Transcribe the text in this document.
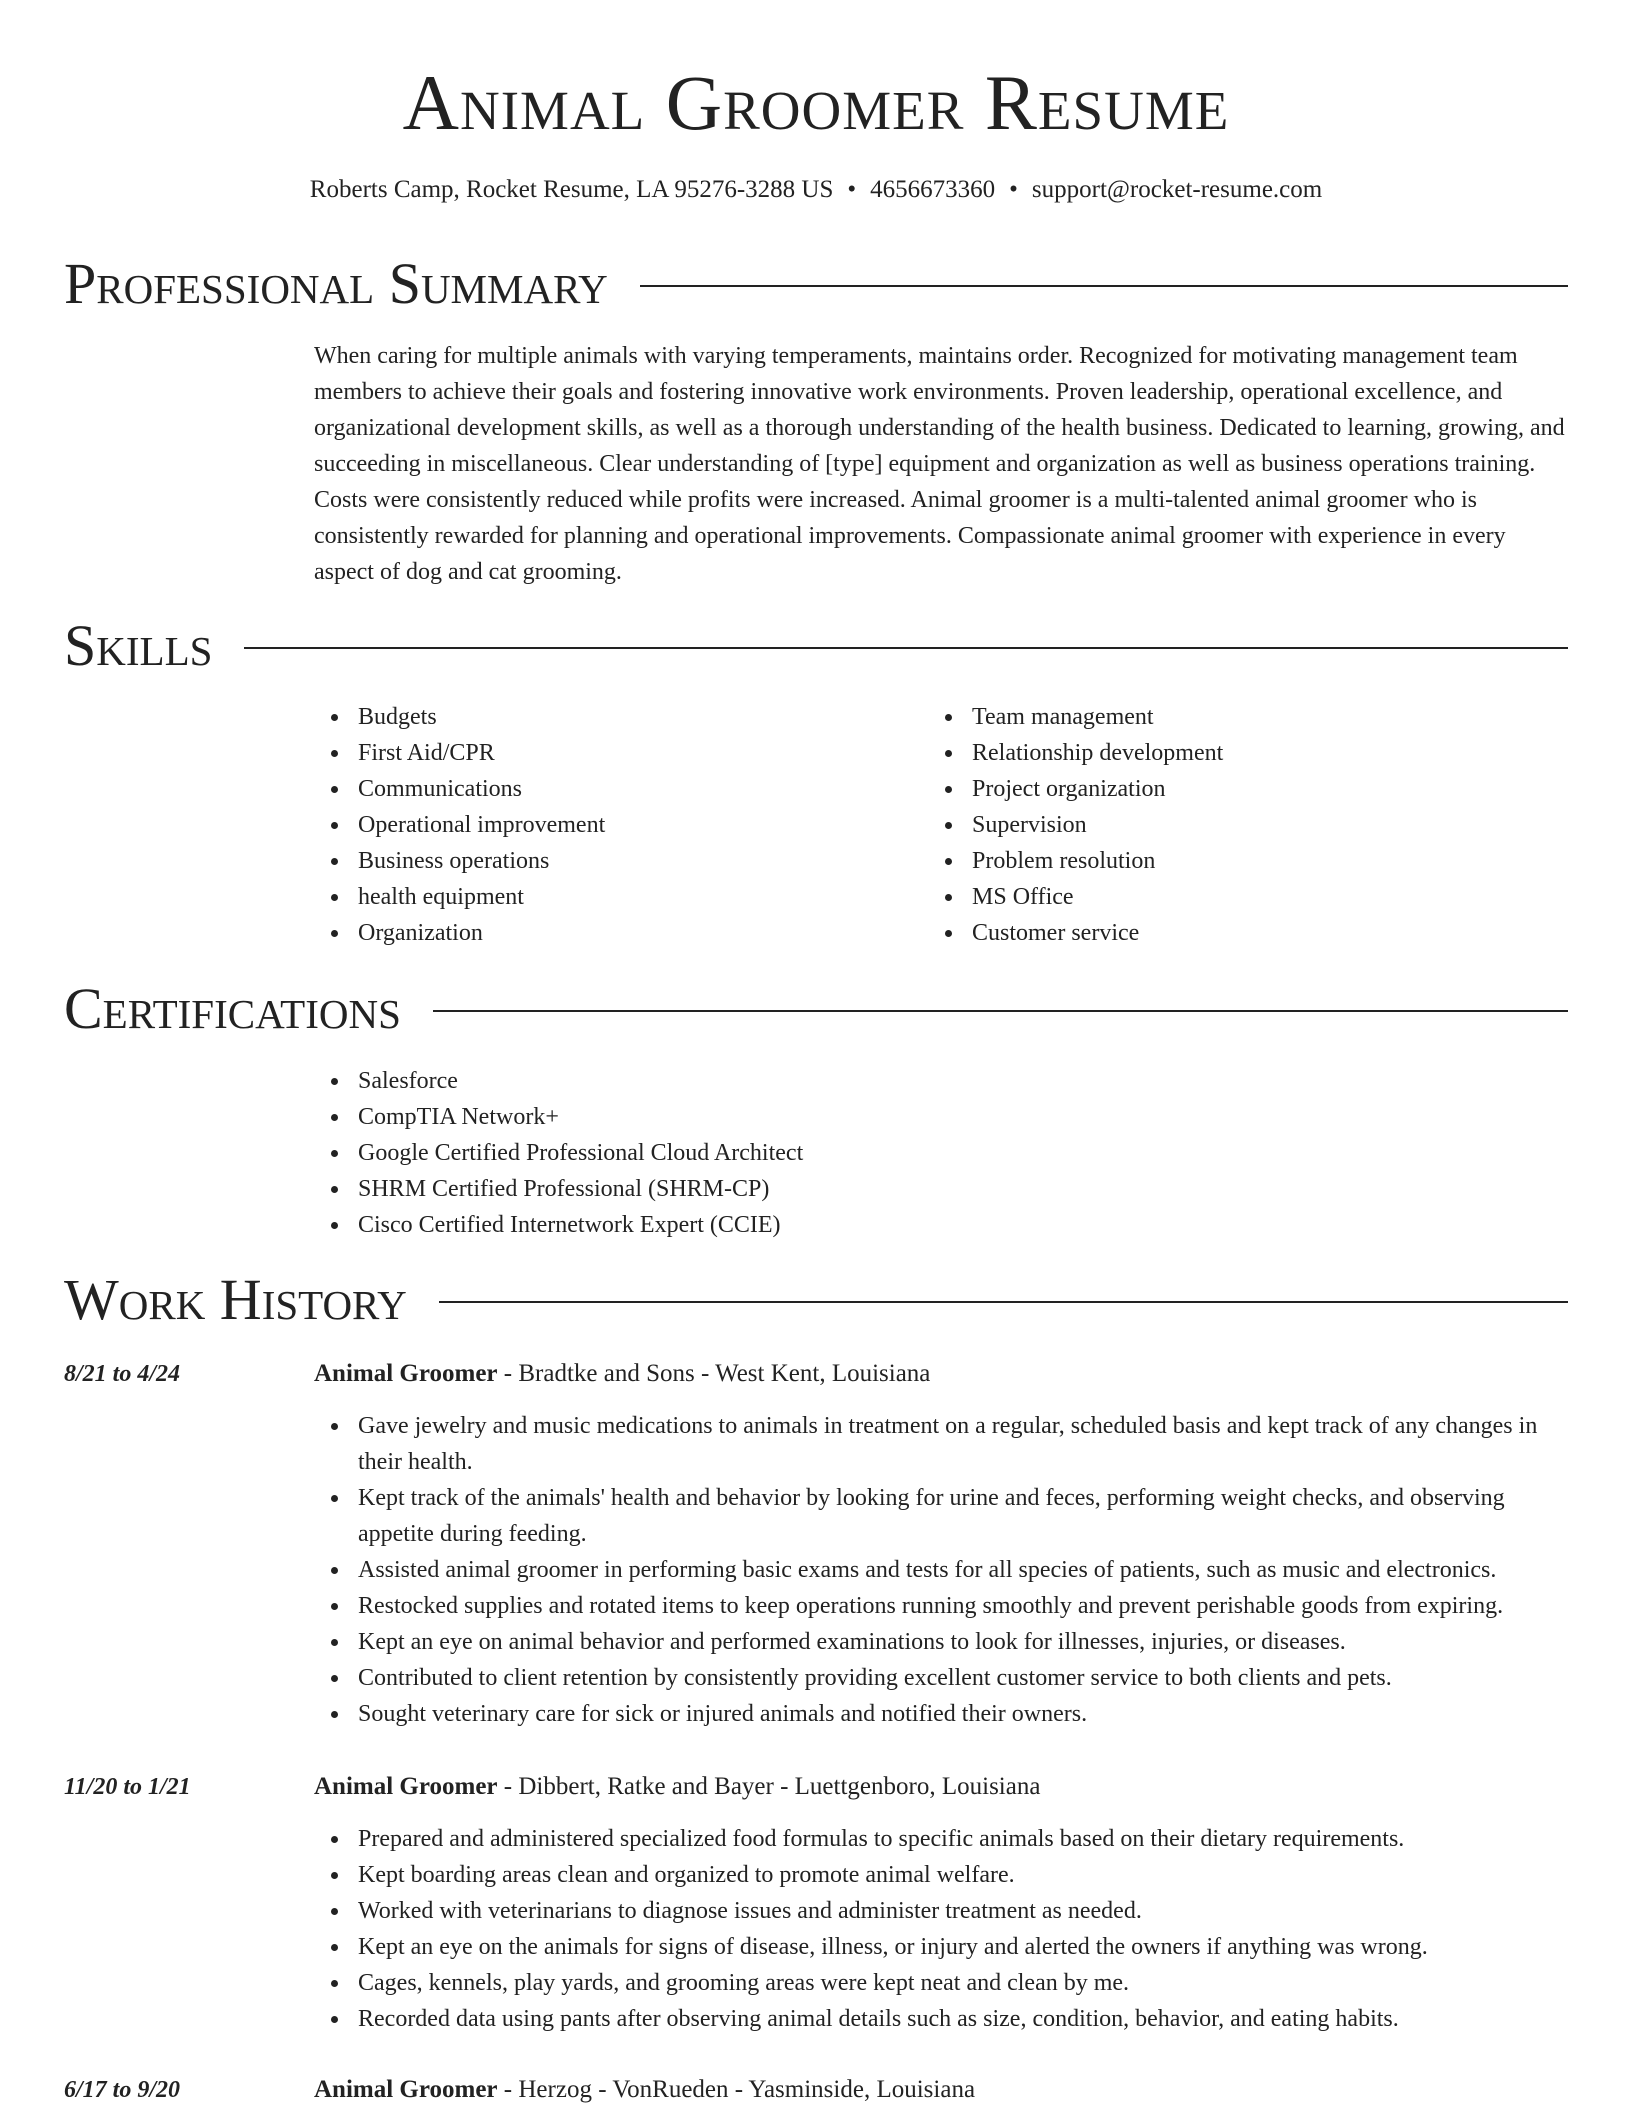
Animal Groomer Resume
Roberts Camp, Rocket Resume, LA 95276-3288 US • 4656673360 • support@rocket-resume.com
Professional Summary

When caring for multiple animals with varying temperaments, maintains order. Recognized for motivating management team members to achieve their goals and fostering innovative work environments. Proven leadership, operational excellence, and organizational development skills, as well as a thorough understanding of the health business. Dedicated to learning, growing, and succeeding in miscellaneous. Clear understanding of [type] equipment and organization as well as business operations training. Costs were consistently reduced while profits were increased. Animal groomer is a multi-talented animal groomer who is consistently rewarded for planning and operational improvements. Compassionate animal groomer with experience in every aspect of dog and cat grooming.

Skills
Budgets
First Aid/CPR
Communications
Operational improvement
Business operations
health equipment
Organization
Team management
Relationship development
Project organization
Supervision
Problem resolution
MS Office
Customer service
Certifications
Salesforce
CompTIA Network+
Google Certified Professional Cloud Architect
SHRM Certified Professional (SHRM-CP)
Cisco Certified Internetwork Expert (CCIE)
Work History
8/21 to 4/24	Animal Groomer - Bradtke and Sons - West Kent, Louisiana
Gave jewelry and music medications to animals in treatment on a regular, scheduled basis and kept track of any changes in their health.
Kept track of the animals' health and behavior by looking for urine and feces, performing weight checks, and observing appetite during feeding.
Assisted animal groomer in performing basic exams and tests for all species of patients, such as music and electronics.
Restocked supplies and rotated items to keep operations running smoothly and prevent perishable goods from expiring.
Kept an eye on animal behavior and performed examinations to look for illnesses, injuries, or diseases.
Contributed to client retention by consistently providing excellent customer service to both clients and pets.
Sought veterinary care for sick or injured animals and notified their owners.
11/20 to 1/21	Animal Groomer - Dibbert, Ratke and Bayer - Luettgenboro, Louisiana
Prepared and administered specialized food formulas to specific animals based on their dietary requirements.
Kept boarding areas clean and organized to promote animal welfare.
Worked with veterinarians to diagnose issues and administer treatment as needed.
Kept an eye on the animals for signs of disease, illness, or injury and alerted the owners if anything was wrong.
Cages, kennels, play yards, and grooming areas were kept neat and clean by me.
Recorded data using pants after observing animal details such as size, condition, behavior, and eating habits.
6/17 to 9/20	Animal Groomer - Herzog - VonRueden - Yasminside, Louisiana
